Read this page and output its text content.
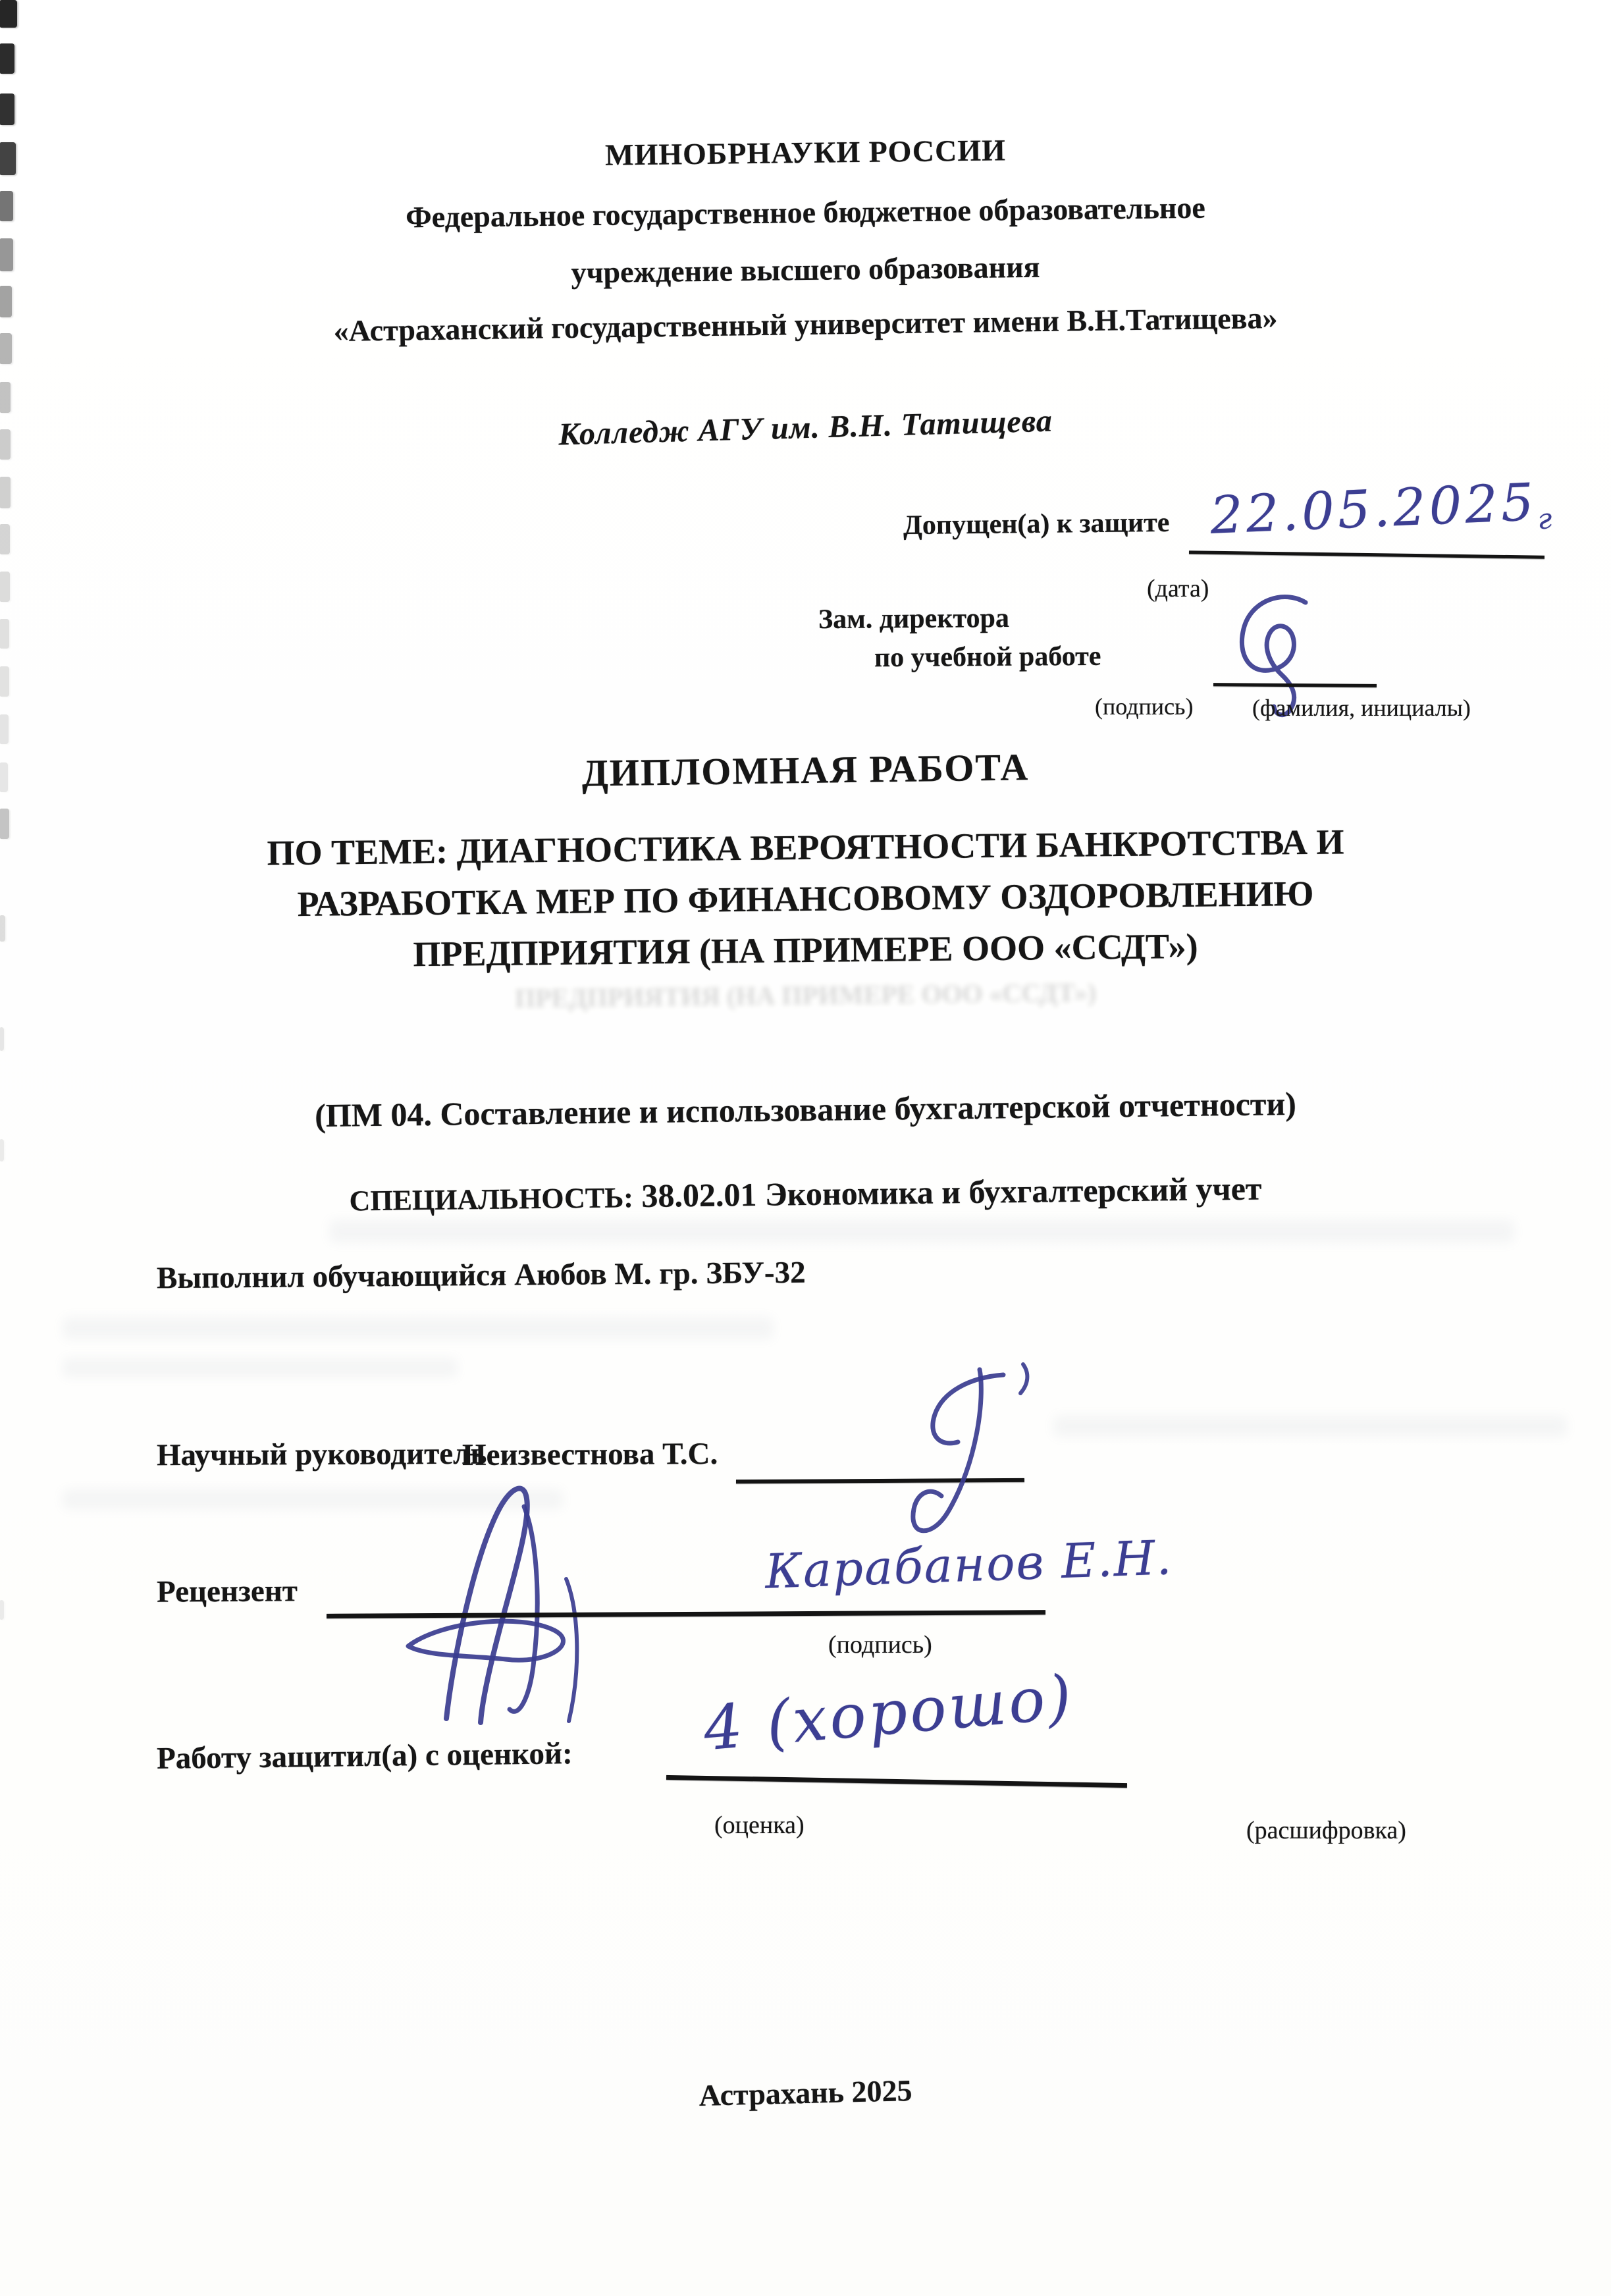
МИНОБРНАУКИ РОССИИ
Федеральное государственное бюджетное образовательное
учреждение высшего образования
«Астраханский государственный университет имени В.Н.Татищева»
Колледж АГУ им. В.Н. Татищева
Допущен(а) к защите 22.05.2025г
(дата)
Зам. директора
по учебной работе
(подпись) (фамилия, инициалы)
ДИПЛОМНАЯ РАБОТА
ПО ТЕМЕ: ДИАГНОСТИКА ВЕРОЯТНОСТИ БАНКРОТСТВА И
РАЗРАБОТКА МЕР ПО ФИНАНСОВОМУ ОЗДОРОВЛЕНИЮ
ПРЕДПРИЯТИЯ (НА ПРИМЕРЕ ООО «ССДТ»)
ПРЕДПРИЯТИЯ (НА ПРИМЕРЕ ООО «ССДТ»)
(ПМ 04. Составление и использование бухгалтерской отчетности)
СПЕЦИАЛЬНОСТЬ: 38.02.01 Экономика и бухгалтерский учет
Выполнил обучающийся Аюбов М. гр. ЗБУ-32
Научный руководитель
Неизвестнова Т.С.
Рецензент	Карабанов Е.Н.
(подпись)
Работу защитил(а) с оценкой: 4 (хорошо)
(оценка)	(расшифровка)
Астрахань 2025
